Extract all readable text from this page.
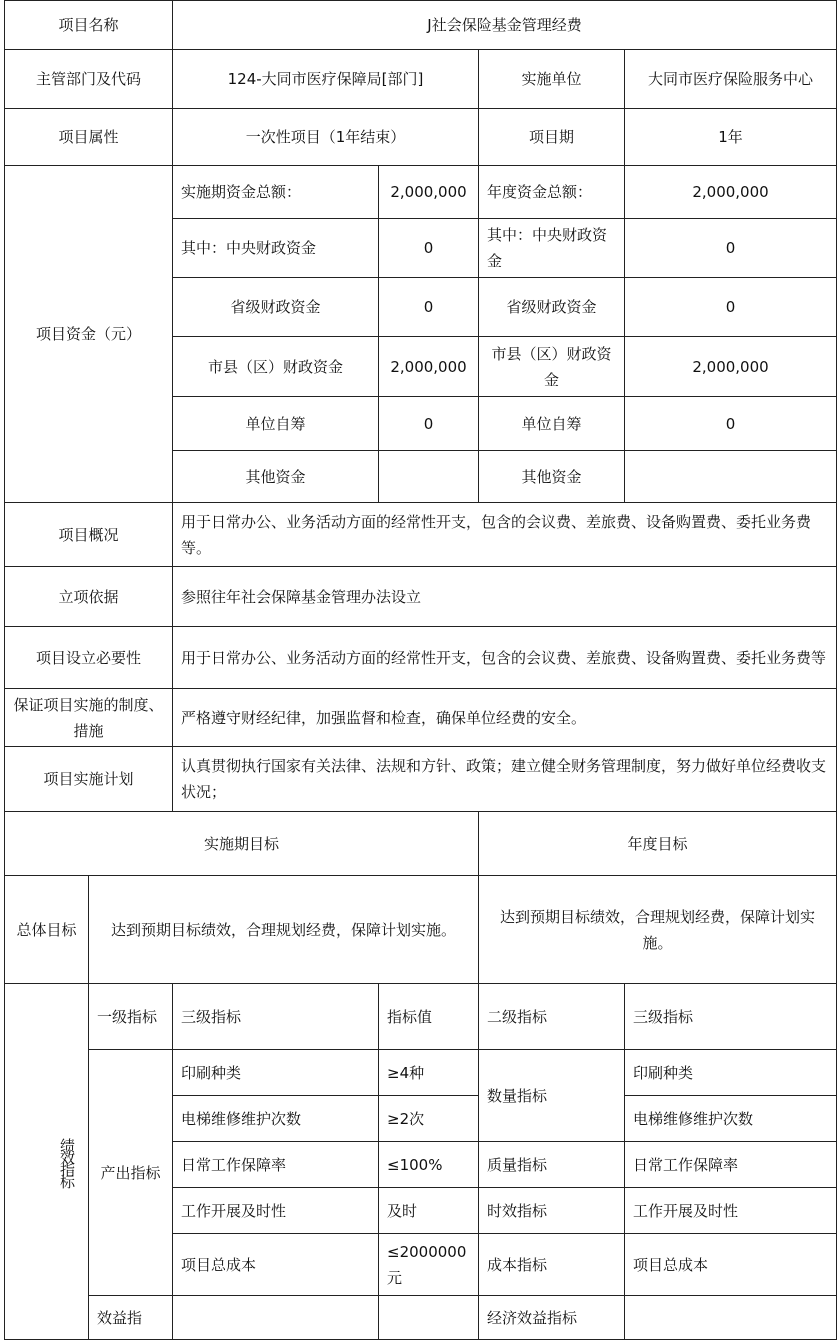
项目名称		J社会保险基金管理经费			
主管部门及代码		124-大同市医疗保障局[部门]		实施单位	大同市医疗保险服务中心
项目属性		一次性项目（1年结束）		项目期	1年
项目资金（元）		实施期资金总额：	2,000,000	年度资金总额：	2,000,000
		其中：中央财政资金	0	其中：中央财政资金	0
		省级财政资金	0	省级财政资金	0
		市县（区）财政资金	2,000,000	市县（区）财政资金	2,000,000
		单位自筹	0	单位自筹	0
		其他资金		其他资金	
项目概况		用于日常办公、业务活动方面的经常性开支，包含的会议费、差旅费、设备购置费、委托业务费等。			
立项依据		参照往年社会保障基金管理办法设立			
项目设立必要性		用于日常办公、业务活动方面的经常性开支，包含的会议费、差旅费、设备购置费、委托业务费等			
保证项目实施的制度、措施		严格遵守财经纪律，加强监督和检查，确保单位经费的安全。			
项目实施计划		认真贯彻执行国家有关法律、法规和方针、政策；建立健全财务管理制度，努力做好单位经费收支状况；			
实施期目标				年度目标	
总体目标	达到预期目标绩效，合理规划经费，保障计划实施。			达到预期目标绩效，合理规划经费，保障计划实施。	
绩效指标	一级指标	三级指标	指标值	二级指标	三级指标
	产出指标	印刷种类	≥4种	数量指标	印刷种类
		电梯维修维护次数	≥2次		电梯维修维护次数
		日常工作保障率	≤100%	质量指标	日常工作保障率
		工作开展及时性	及时	时效指标	工作开展及时性
		项目总成本	≤2000000元	成本指标	项目总成本
	效益指			经济效益指标	
